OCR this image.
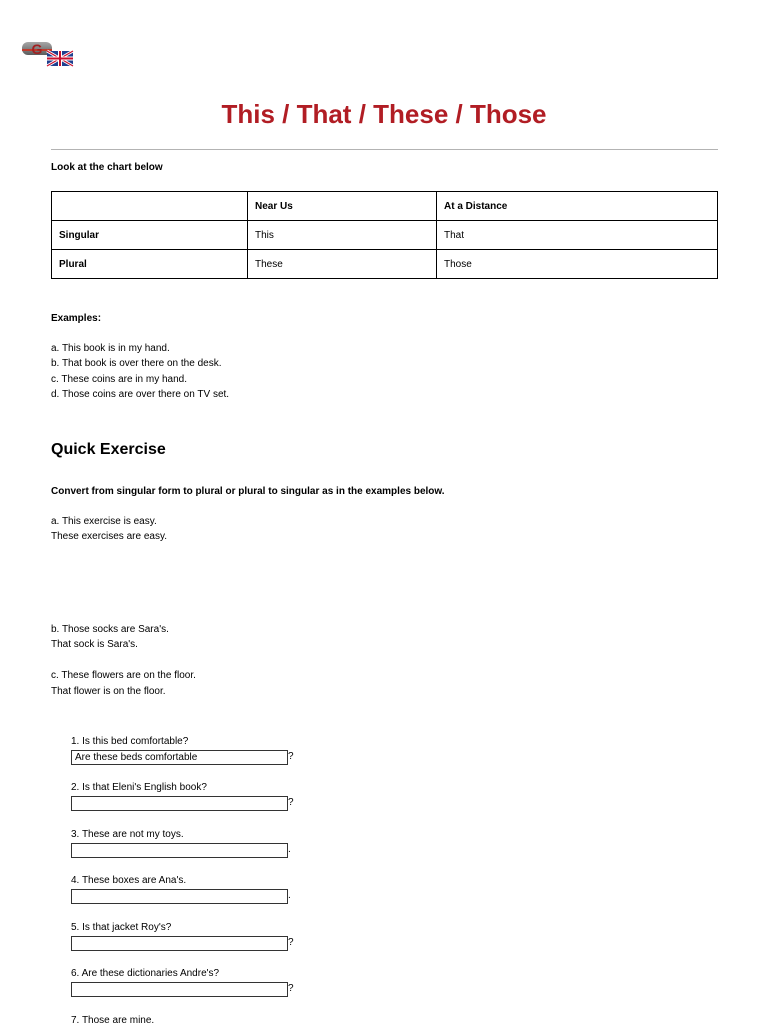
G
This / That / These / Those
Look at the chart below
	Near Us	At a Distance
Singular	This	That
Plural	These	Those
Examples:
a. This book is in my hand.
b. That book is over there on the desk.
c. These coins are in my hand.
d. Those coins are over there on TV set.
Quick Exercise
Convert from singular form to plural or plural to singular as in the examples below.
a. This exercise is easy.
These exercises are easy.
b. Those socks are Sara's.
That sock is Sara's.
c. These flowers are on the floor.
That flower is on the floor.
1. Is this bed comfortable?
Are these beds comfortable	?
2. Is that Eleni's English book?
?
3. These are not my toys.
.
4. These boxes are Ana's.
.
5. Is that jacket Roy's?
?
6. Are these dictionaries Andre's?
?
7. Those are mine.
